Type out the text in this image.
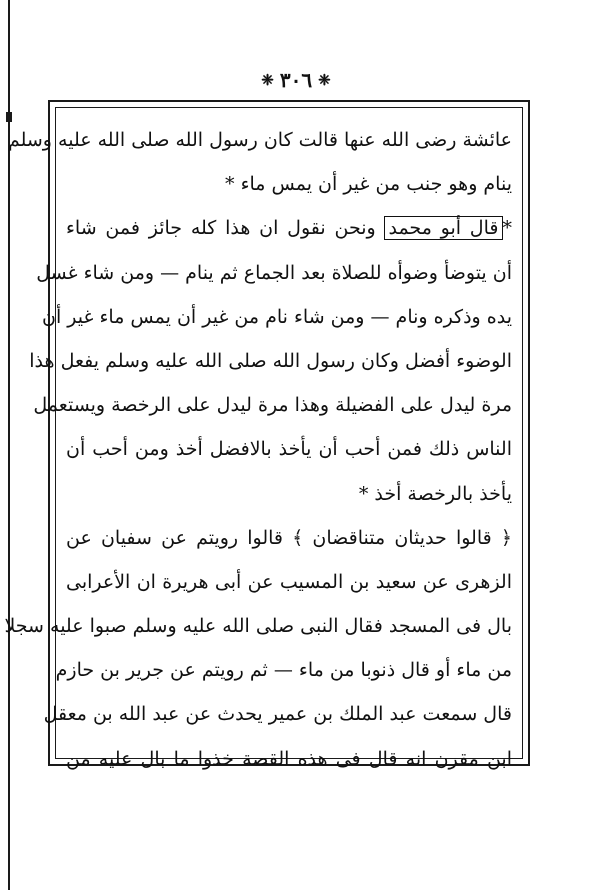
❈ ٣٠٦ ❈
عائشة رضى الله عنها قالت كان رسول الله صلى الله عليه وسلم
ينام وهو جنب من غير أن يمس ماء *
*قال أبو محمد ونحن نقول ان هذا كله جائز فمن شاء
أن يتوضأ وضوأه للصلاة بعد الجماع ثم ينام — ومن شاء غسل
يده وذكره ونام — ومن شاء نام من غير أن يمس ماء غير أن
الوضوء أفضل وكان رسول الله صلى الله عليه وسلم يفعل هذا
مرة ليدل على الفضيلة وهذا مرة ليدل على الرخصة ويستعمل
الناس ذلك فمن أحب أن يأخذ بالافضل أخذ ومن أحب أن
يأخذ بالرخصة أخذ *
﴿ قالوا حديثان متناقضان ﴾ قالوا رويتم عن سفيان عن
الزهرى عن سعيد بن المسيب عن أبى هريرة ان الأعرابى
بال فى المسجد فقال النبى صلى الله عليه وسلم صبوا عليه سجلا
من ماء أو قال ذنوبا من ماء — ثم رويتم عن جرير بن حازم
قال سمعت عبد الملك بن عمير يحدث عن عبد الله بن معقل
ابن مقرن انه قال فى هذه القصة خذوا ما بال عليه من
